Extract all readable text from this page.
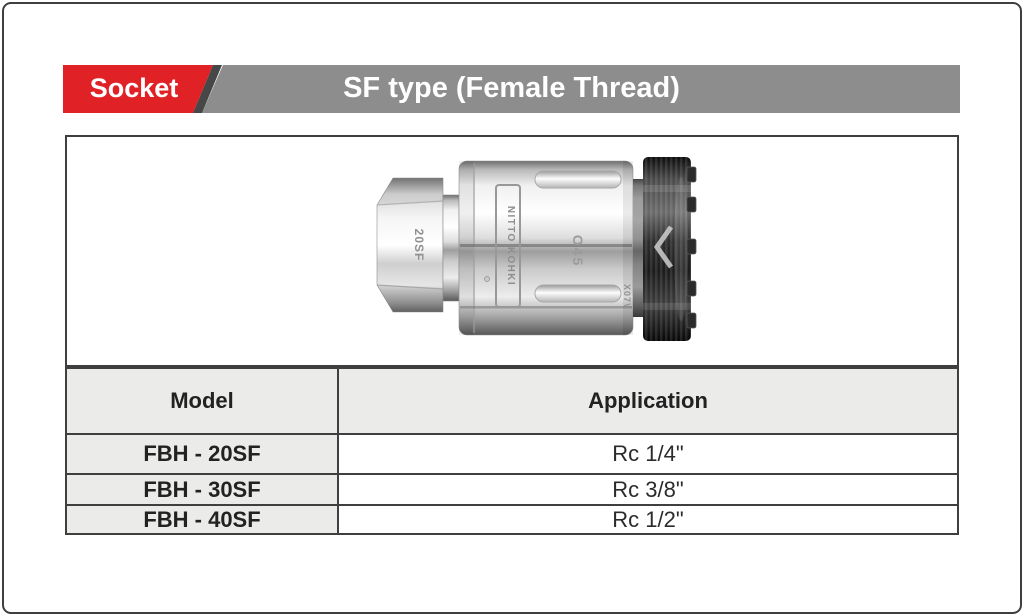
SF type (Female Thread)
Socket
20SF	NITTO KOHKI	O45
X07V
Model	Application
FBH - 20SF	Rc 1/4"
FBH - 30SF	Rc 3/8"
FBH - 40SF	Rc 1/2"
